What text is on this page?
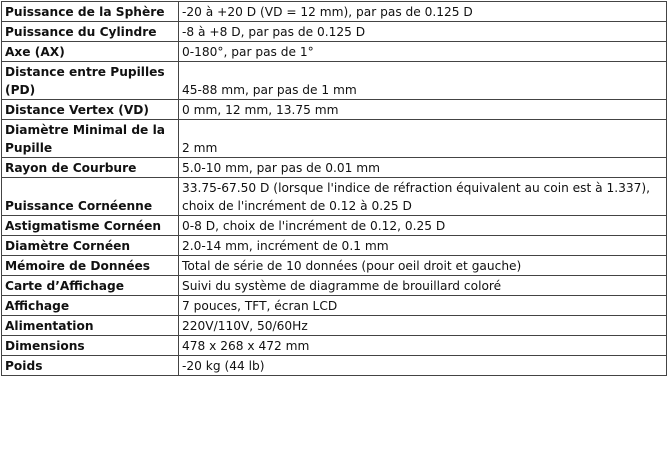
Puissance de la Sphère	-20 à +20 D (VD = 12 mm), par pas de 0.125 D
Puissance du Cylindre	-8 à +8 D, par pas de 0.125 D
Axe (AX)	0-180°, par pas de 1°
Distance entre Pupilles (PD)	45-88 mm, par pas de 1 mm
Distance Vertex (VD)	0 mm, 12 mm, 13.75 mm
Diamètre Minimal de la Pupille	2 mm
Rayon de Courbure	5.0-10 mm, par pas de 0.01 mm
Puissance Cornéenne	33.75-67.50 D (lorsque l'indice de réfraction équivalent au coin est à 1.337), choix de l'incrément de 0.12 à 0.25 D
Astigmatisme Cornéen	0-8 D, choix de l'incrément de 0.12, 0.25 D
Diamètre Cornéen	2.0-14 mm, incrément de 0.1 mm
Mémoire de Données	Total de série de 10 données (pour oeil droit et gauche)
Carte d’Affichage	Suivi du système de diagramme de brouillard coloré
Affichage	7 pouces, TFT, écran LCD
Alimentation	220V/110V, 50/60Hz
Dimensions	478 x 268 x 472 mm
Poids	-20 kg (44 lb)
